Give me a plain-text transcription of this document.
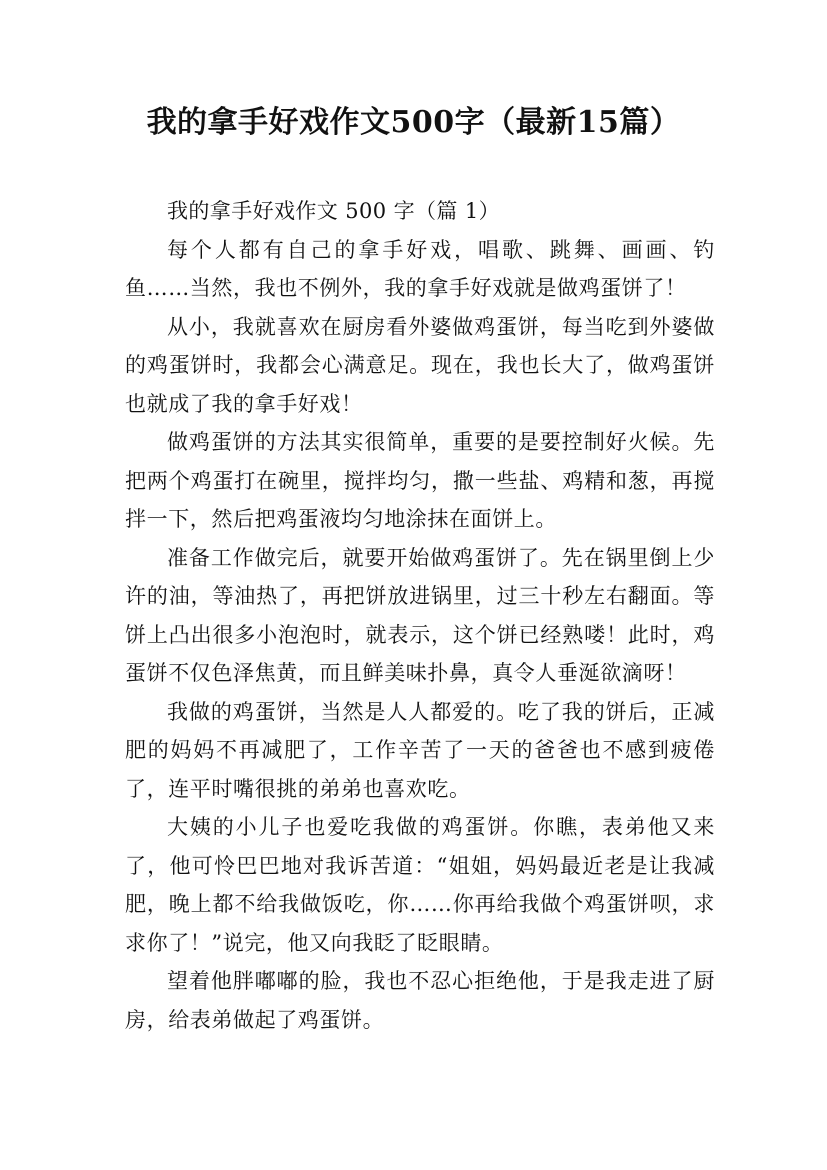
我的拿手好戏作文500字（最新15篇）

我的拿手好戏作文 500 字（篇 1）

每个人都有自己的拿手好戏，唱歌、跳舞、画画、钓鱼……当然，我也不例外，我的拿手好戏就是做鸡蛋饼了！

从小，我就喜欢在厨房看外婆做鸡蛋饼，每当吃到外婆做的鸡蛋饼时，我都会心满意足。现在，我也长大了，做鸡蛋饼也就成了我的拿手好戏！

做鸡蛋饼的方法其实很简单，重要的是要控制好火候。先把两个鸡蛋打在碗里，搅拌均匀，撒一些盐、鸡精和葱，再搅拌一下，然后把鸡蛋液均匀地涂抹在面饼上。

准备工作做完后，就要开始做鸡蛋饼了。先在锅里倒上少许的油，等油热了，再把饼放进锅里，过三十秒左右翻面。等饼上凸出很多小泡泡时，就表示，这个饼已经熟喽！此时，鸡蛋饼不仅色泽焦黄，而且鲜美味扑鼻，真令人垂涎欲滴呀！

我做的鸡蛋饼，当然是人人都爱的。吃了我的饼后，正减肥的妈妈不再减肥了，工作辛苦了一天的爸爸也不感到疲倦了，连平时嘴很挑的弟弟也喜欢吃。

大姨的小儿子也爱吃我做的鸡蛋饼。你瞧，表弟他又来了，他可怜巴巴地对我诉苦道：“姐姐，妈妈最近老是让我减肥，晚上都不给我做饭吃，你……你再给我做个鸡蛋饼呗，求求你了！”说完，他又向我眨了眨眼睛。

望着他胖嘟嘟的脸，我也不忍心拒绝他，于是我走进了厨房，给表弟做起了鸡蛋饼。
